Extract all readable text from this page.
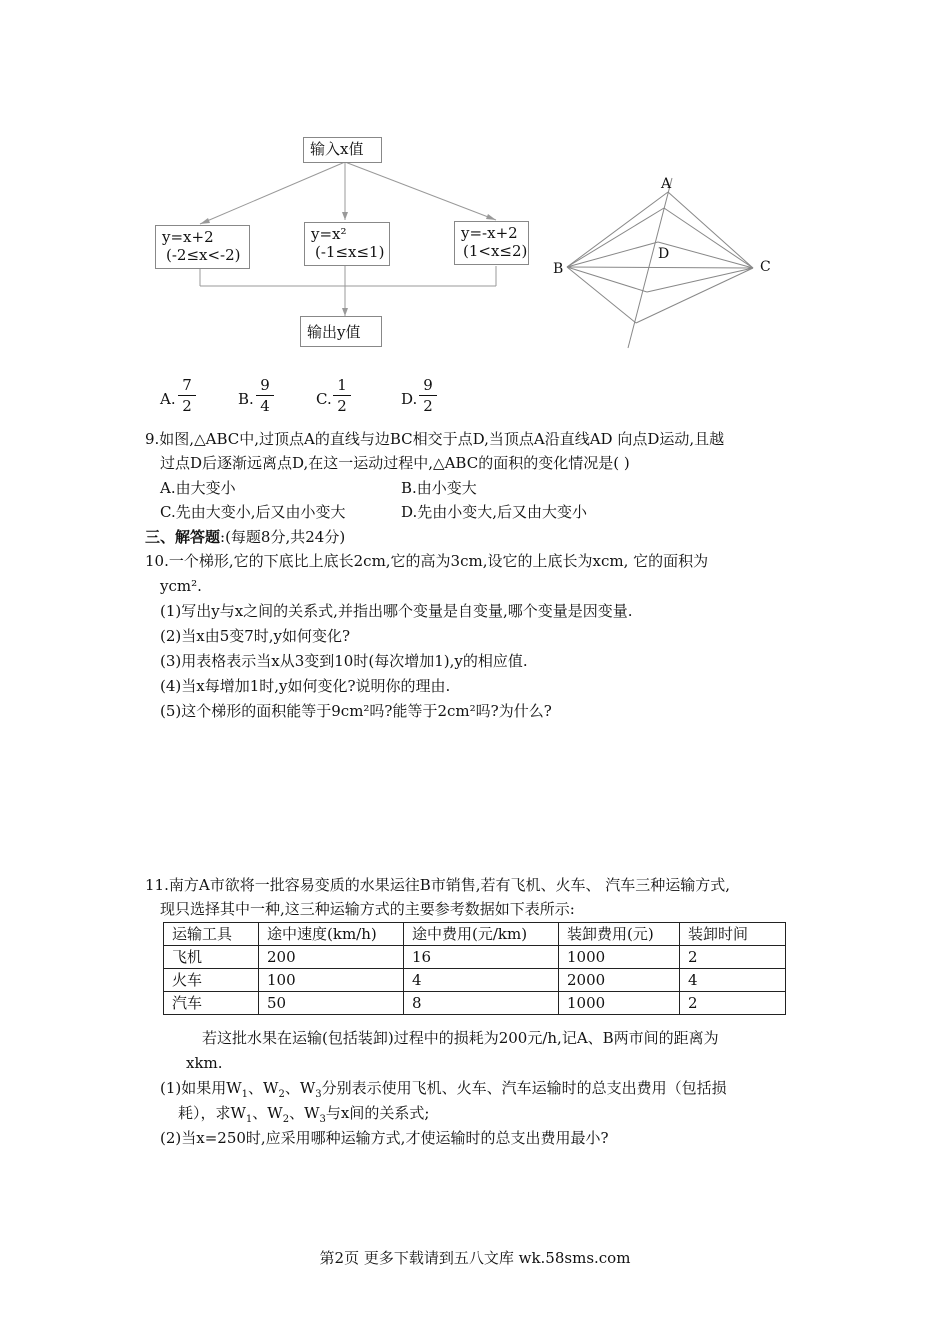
输入x值
y=x+2
(-2≤x<-2)
y=x²
(-1≤x≤1)
y=-x+2
(1<x≤2)
输出y值
A
B	C
D
A.
7
2	B.
9
4	C.
1
2	D.
9
2
9.如图,△ABC中,过顶点A的直线与边BC相交于点D,当顶点A沿直线AD 向点D运动,且越
过点D后逐渐远离点D,在这一运动过程中,△ABC的面积的变化情况是( )
A.由大变小	B.由小变大
C.先由大变小,后又由小变大	D.先由小变大,后又由大变小
三、解答题:(每题8分,共24分)
10.一个梯形,它的下底比上底长2cm,它的高为3cm,设它的上底长为xcm, 它的面积为
ycm².
(1)写出y与x之间的关系式,并指出哪个变量是自变量,哪个变量是因变量.
(2)当x由5变7时,y如何变化?
(3)用表格表示当x从3变到10时(每次增加1),y的相应值.
(4)当x每增加1时,y如何变化?说明你的理由.
(5)这个梯形的面积能等于9cm²吗?能等于2cm²吗?为什么?
11.南方A市欲将一批容易变质的水果运往B市销售,若有飞机、火车、 汽车三种运输方式,
现只选择其中一种,这三种运输方式的主要参考数据如下表所示:
运输工具	途中速度(km/h)	途中费用(元/km)	装卸费用(元)	装卸时间
飞机	200	16	1000	2
火车	100	4	2000	4
汽车	50	8	1000	2
若这批水果在运输(包括装卸)过程中的损耗为200元/h,记A、B两市间的距离为
xkm.
(1)如果用$W_1$、$W_2$、$W_3$分别表示使用飞机、火车、汽车运输时的总支出费用（包括损
耗），求$W_1$、$W_2$、$W_3$与x间的关系式;
(2)当x=250时,应采用哪种运输方式,才使运输时的总支出费用最小?
第2页 更多下载请到五八文库 wk.58sms.com
